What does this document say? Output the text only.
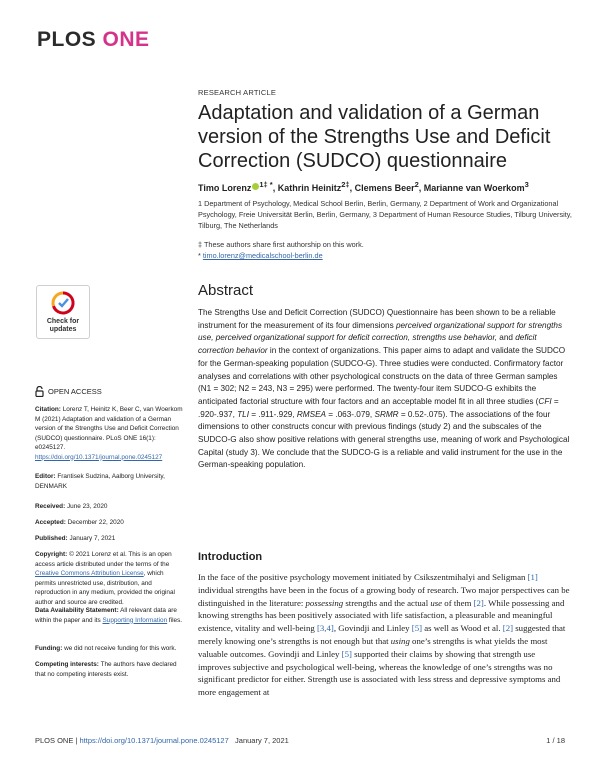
PLOS ONE
RESEARCH ARTICLE
Adaptation and validation of a German version of the Strengths Use and Deficit Correction (SUDCO) questionnaire
Timo Lorenz $^{1\ddagger *}$, Kathrin Heinitz$^{2\ddagger}$, Clemens Beer$^2$, Marianne van Woerkom$^3$
1 Department of Psychology, Medical School Berlin, Berlin, Germany, 2 Department of Work and Organizational Psychology, Freie Universität Berlin, Berlin, Germany, 3 Department of Human Resource Studies, Tilburg University, Tilburg, The Netherlands
‡ These authors share first authorship on this work.
* timo.lorenz@medicalschool-berlin.de
Abstract
The Strengths Use and Deficit Correction (SUDCO) Questionnaire has been shown to be a reliable instrument for the measurement of its four dimensions perceived organizational support for strengths use, perceived organizational support for deficit correction, strengths use behavior, and deficit correction behavior in the context of organizations. This paper aims to adapt and validate the SUDCO for the German-speaking population (SUDCO-G). Three studies were conducted. Confirmatory factor analyses and correlations with other psychological constructs on the data of three German samples (N1 = 302; N2 = 243, N3 = 295) were performed. The twenty-four item SUDCO-G exhibits the anticipated factorial structure with four factors and an acceptable model fit in all three studies (CFI = .920-.937, TLI = .911-.929, RMSEA = .063-.079, SRMR = 0.52-.075). The associations of the four dimensions to other constructs concur with previous findings (study 2) and the subscales of the SUDCO-G also show positive relations with general strengths use, meaning of work and Psychological Capital (study 3). We conclude that the SUDCO-G is a reliable and valid instrument for the use in the German-speaking population.
Introduction
In the face of the positive psychology movement initiated by Csikszentmihalyi and Seligman [1] individual strengths have been in the focus of a growing body of research. Two major perspectives can be distinguished in the literature: possessing strengths and the actual use of them [2]. While possessing and knowing strengths has been positively associated with life satisfaction, a pleasurable and meaningful existence, vitality and well-being [3,4], Govindji and Linley [5] as well as Wood et al. [2] suggested that merely knowing one’s strengths is not enough but that using one’s strengths is what yields the most valuable outcomes. Govindji and Linley [5] supported their claims by showing that strength use improves subjective and psychological well-being, whereas the knowledge of one’s strengths was no significant predictor for either. Strength use is associated with less stress and depressive symptoms and more engagement at
Check for
updates
OPEN ACCESS
Citation: Lorenz T, Heinitz K, Beer C, van Woerkom M (2021) Adaptation and validation of a German version of the Strengths Use and Deficit Correction (SUDCO) questionnaire. PLoS ONE 16(1): e0245127. https://doi.org/10.1371/journal.pone.0245127
Editor: Frantisek Sudzina, Aalborg University, DENMARK
Received: June 23, 2020
Accepted: December 22, 2020
Published: January 7, 2021
Copyright: © 2021 Lorenz et al. This is an open access article distributed under the terms of the Creative Commons Attribution License, which permits unrestricted use, distribution, and reproduction in any medium, provided the original author and source are credited.
Data Availability Statement: All relevant data are within the paper and its Supporting Information files.
Funding: we did not receive funding for this work.
Competing interests: The authors have declared that no competing interests exist.
PLOS ONE | https://doi.org/10.1371/journal.pone.0245127   January 7, 2021	1 / 18
